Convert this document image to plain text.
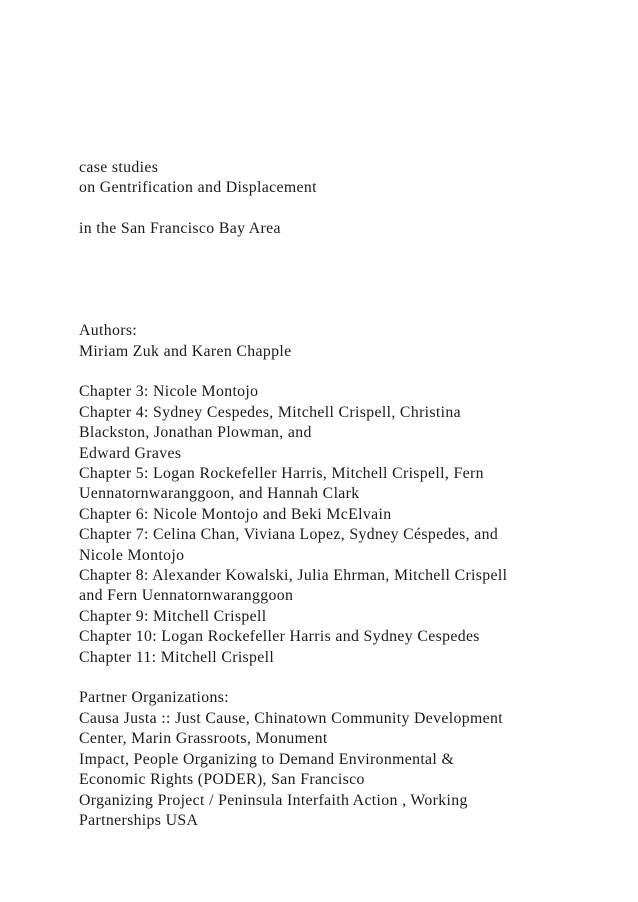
case studies
on Gentrification and Displacement
in the San Francisco Bay Area
Authors:
Miriam Zuk and Karen Chapple
Chapter 3: Nicole Montojo
Chapter 4: Sydney Cespedes, Mitchell Crispell, Christina
Blackston, Jonathan Plowman, and
Edward Graves
Chapter 5: Logan Rockefeller Harris, Mitchell Crispell, Fern
Uennatornwaranggoon, and Hannah Clark
Chapter 6: Nicole Montojo and Beki McElvain
Chapter 7: Celina Chan, Viviana Lopez, Sydney Céspedes, and
Nicole Montojo
Chapter 8: Alexander Kowalski, Julia Ehrman, Mitchell Crispell
and Fern Uennatornwaranggoon
Chapter 9: Mitchell Crispell
Chapter 10: Logan Rockefeller Harris and Sydney Cespedes
Chapter 11: Mitchell Crispell
Partner Organizations:
Causa Justa :: Just Cause, Chinatown Community Development
Center, Marin Grassroots, Monument
Impact, People Organizing to Demand Environmental &
Economic Rights (PODER), San Francisco
Organizing Project / Peninsula Interfaith Action , Working
Partnerships USA
